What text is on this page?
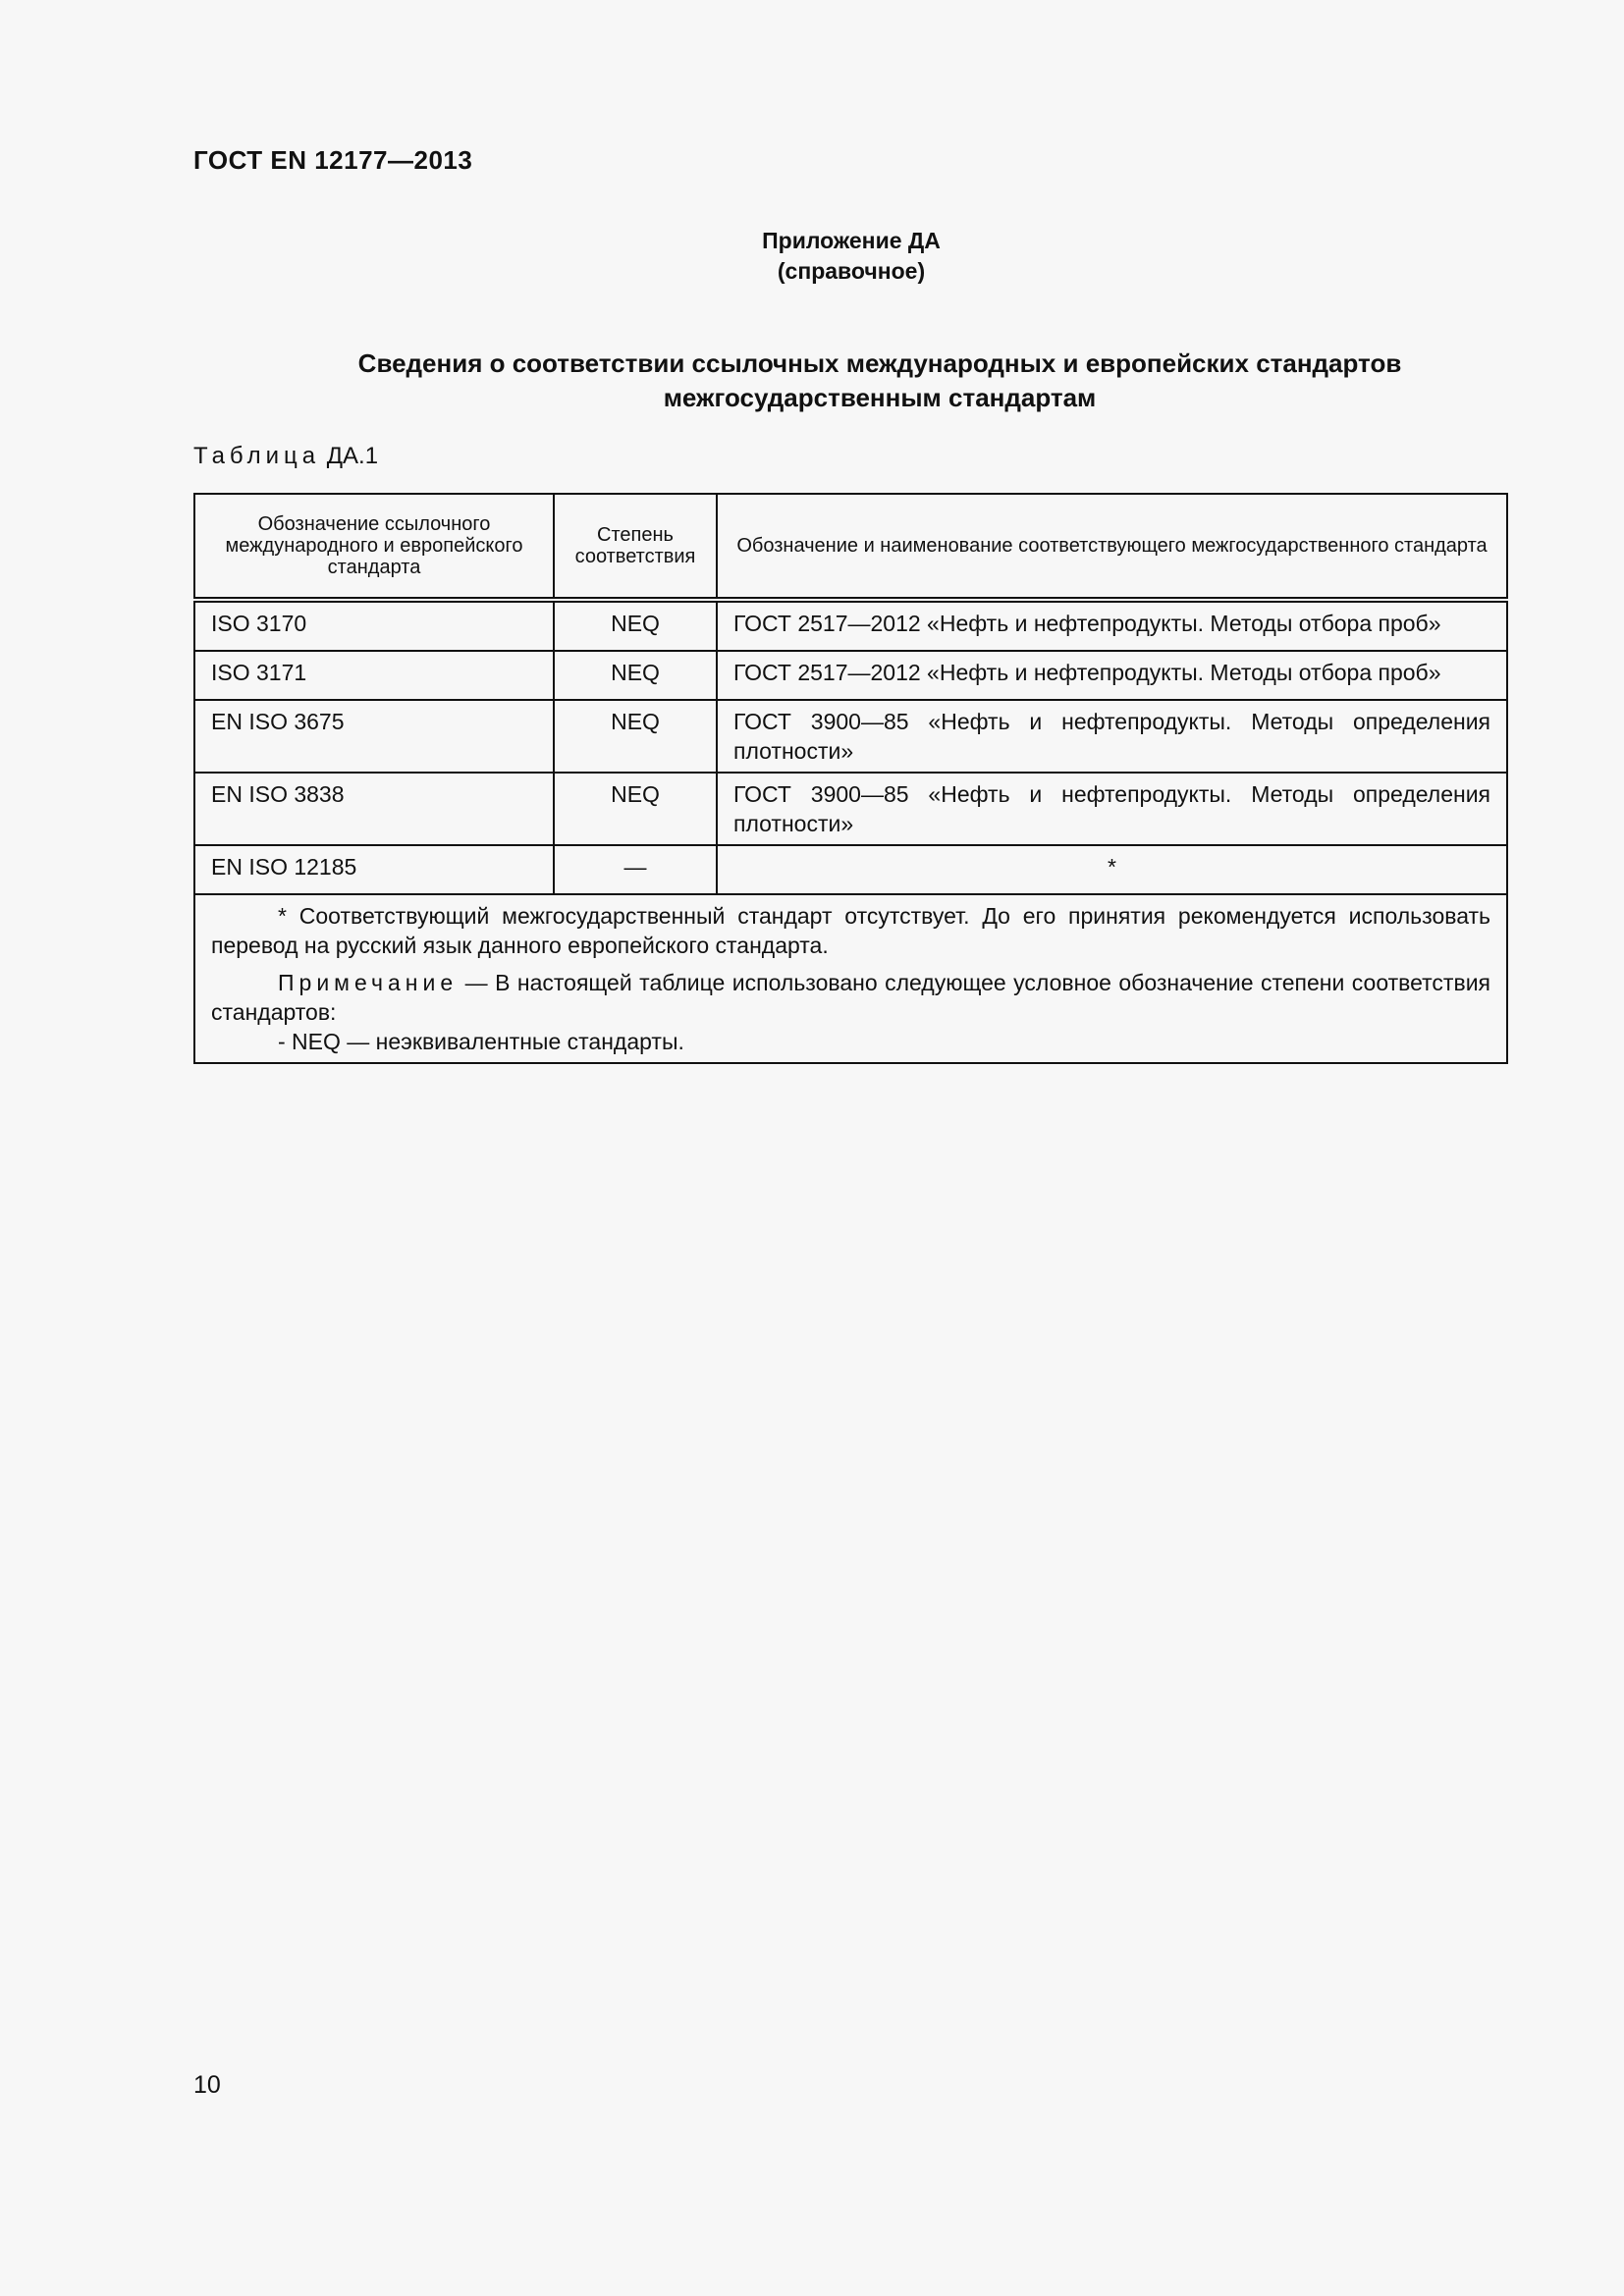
ГОСТ EN 12177—2013
Приложение ДА
(справочное)
Сведения о соответствии ссылочных международных и европейских стандартов
межгосударственным стандартам
Таблица ДА.1
Обозначение ссылочного международного и европейского стандарта	Степень соответствия	Обозначение и наименование соответствующего межгосударственного стандарта
ISO 3170	NEQ	ГОСТ 2517—2012 «Нефть и нефтепродукты. Методы отбора проб»
ISO 3171	NEQ	ГОСТ 2517—2012 «Нефть и нефтепродукты. Методы отбора проб»
EN ISO 3675	NEQ	ГОСТ 3900—85 «Нефть и нефтепродукты. Методы определения плотности»
EN ISO 3838	NEQ	ГОСТ 3900—85 «Нефть и нефтепродукты. Методы определения плотности»
EN ISO 12185	—	*

* Соответствующий межгосударственный стандарт отсутствует. До его принятия рекомендуется использовать перевод на русский язык данного европейского стандарта.

Примечание — В настоящей таблице использовано следующее условное обозначение степени соответствия стандартов:

- NEQ — неэквивалентные стандарты.		
10
